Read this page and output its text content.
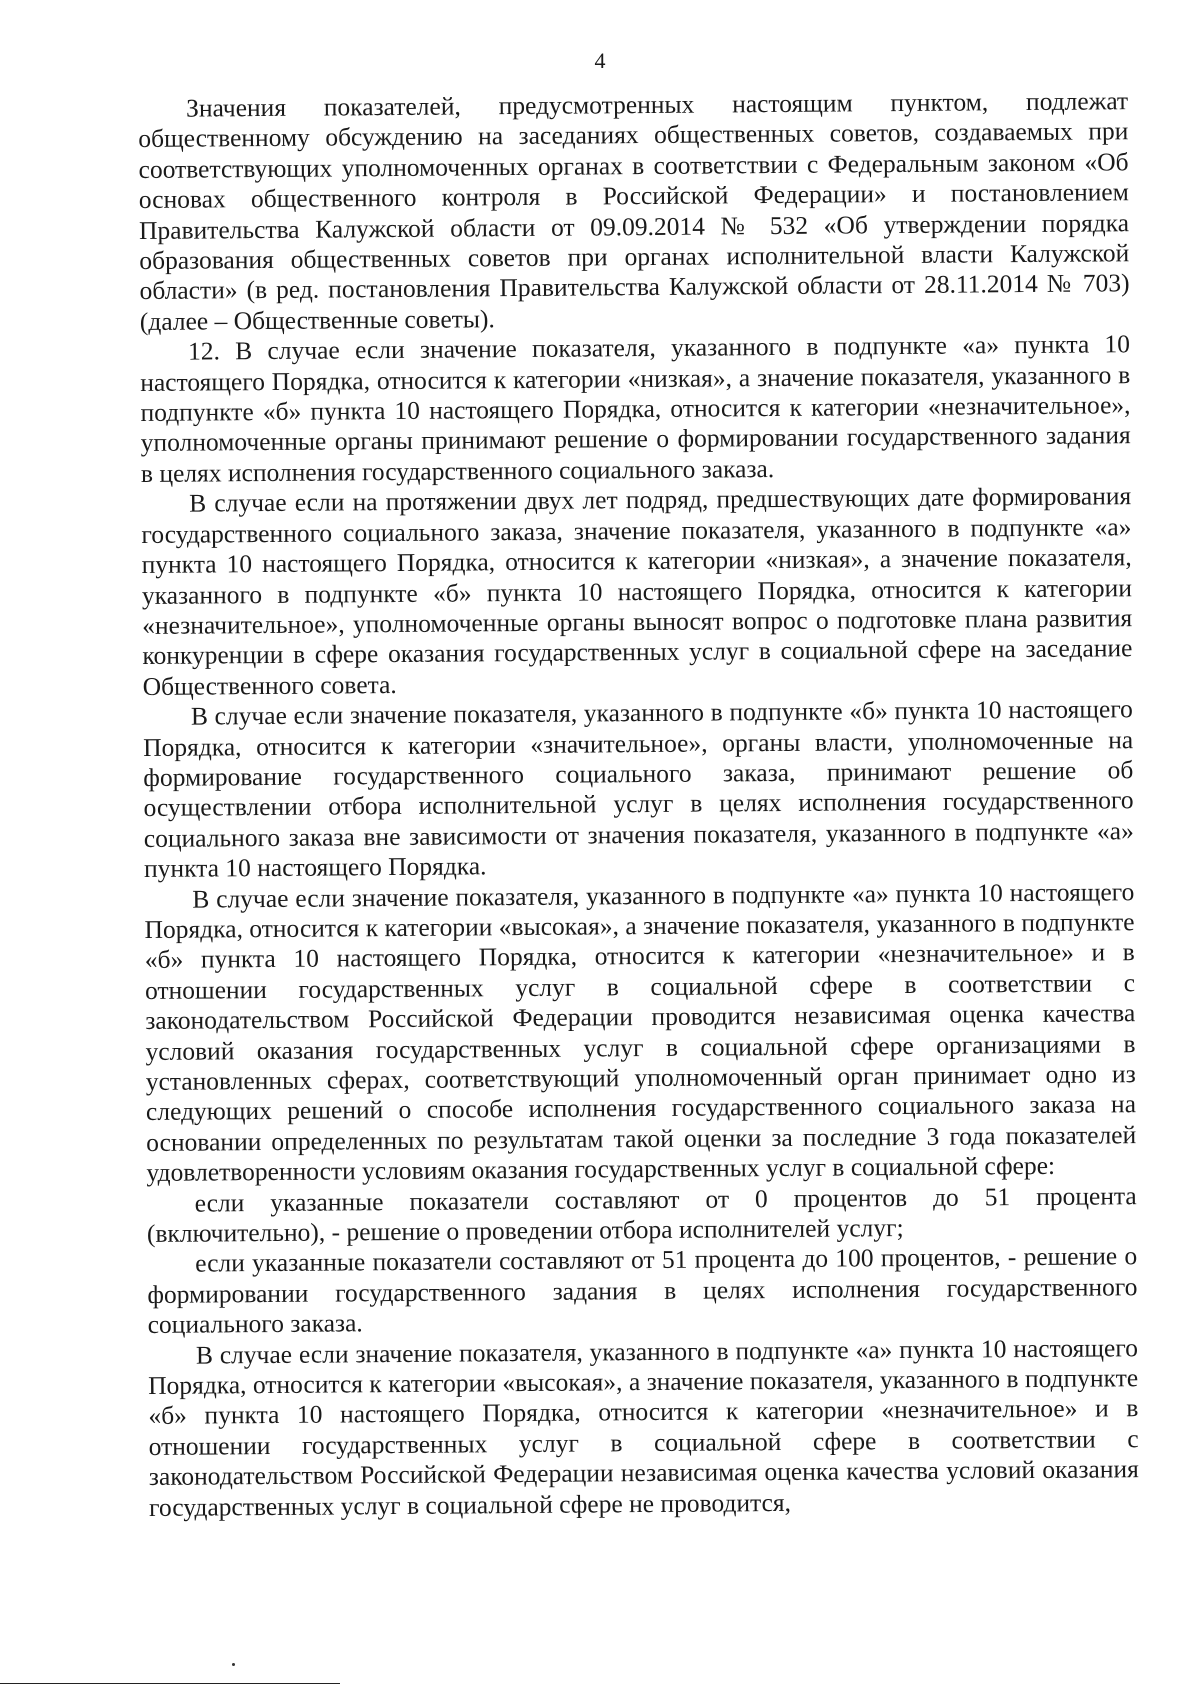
4

Значения показателей, предусмотренных настоящим пунктом, подлежат общественному обсуждению на заседаниях общественных советов, создаваемых при соответствующих уполномоченных органах в соответствии с Федеральным законом «Об основах общественного контроля в Российской Федерации» и постановлением Правительства Калужской области от 09.09.2014 № 532 «Об утверждении порядка образования общественных советов при органах исполнительной власти Калужской области» (в ред. постановления Правительства Калужской области от 28.11.2014 № 703) (далее – Общественные советы).

12. В случае если значение показателя, указанного в подпункте «а» пункта 10 настоящего Порядка, относится к категории «низкая», а значение показателя, указанного в подпункте «б» пункта 10 настоящего Порядка, относится к категории «незначительное», уполномоченные органы принимают решение о формировании государственного задания в целях исполнения государственного социального заказа.

В случае если на протяжении двух лет подряд, предшествующих дате формирования государственного социального заказа, значение показателя, указанного в подпункте «а» пункта 10 настоящего Порядка, относится к категории «низкая», а значение показателя, указанного в подпункте «б» пункта 10 настоящего Порядка, относится к категории «незначительное», уполномоченные органы выносят вопрос о подготовке плана развития конкуренции в сфере оказания государственных услуг в социальной сфере на заседание Общественного совета.

В случае если значение показателя, указанного в подпункте «б» пункта 10 настоящего Порядка, относится к категории «значительное», органы власти, уполномоченные на формирование государственного социального заказа, принимают решение об осуществлении отбора исполнительной услуг в целях исполнения государственного социального заказа вне зависимости от значения показателя, указанного в подпункте «а» пункта 10 настоящего Порядка.

В случае если значение показателя, указанного в подпункте «а» пункта 10 настоящего Порядка, относится к категории «высокая», а значение показателя, указанного в подпункте «б» пункта 10 настоящего Порядка, относится к категории «незначительное» и в отношении государственных услуг в социальной сфере в соответствии с законодательством Российской Федерации проводится независимая оценка качества условий оказания государственных услуг в социальной сфере организациями в установленных сферах, соответствующий уполномоченный орган принимает одно из следующих решений о способе исполнения государственного социального заказа на основании определенных по результатам такой оценки за последние 3 года показателей удовлетворенности условиям оказания государственных услуг в социальной сфере:

если указанные показатели составляют от 0 процентов до 51 процента (включительно), - решение о проведении отбора исполнителей услуг;

если указанные показатели составляют от 51 процента до 100 процентов, - решение о формировании государственного задания в целях исполнения государственного социального заказа.

В случае если значение показателя, указанного в подпункте «а» пункта 10 настоящего Порядка, относится к категории «высокая», а значение показателя, указанного в подпункте «б» пункта 10 настоящего Порядка, относится к категории «незначительное» и в отношении государственных услуг в социальной сфере в соответствии с законодательством Российской Федерации независимая оценка качества условий оказания государственных услуг в социальной сфере не проводится,
